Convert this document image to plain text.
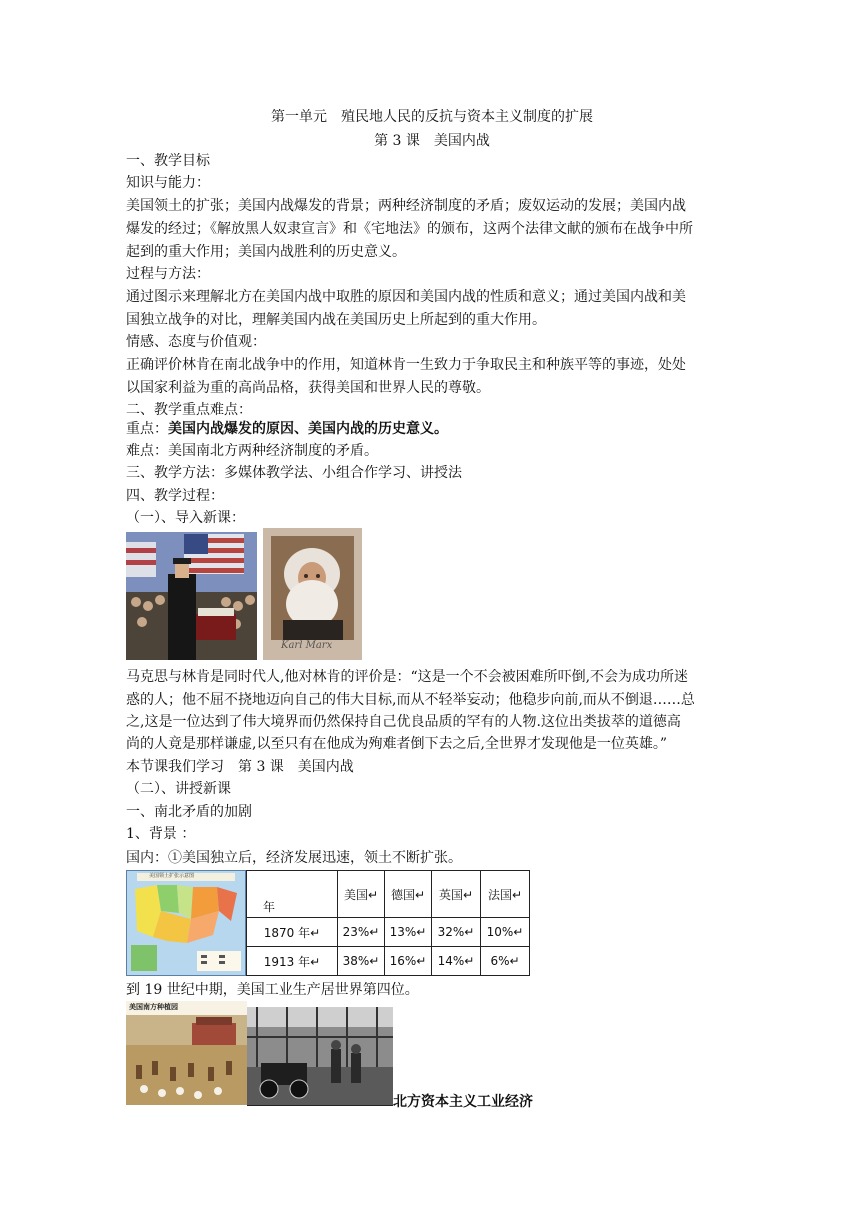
第一单元　殖民地人民的反抗与资本主义制度的扩展
第 3 课　美国内战
一、教学目标
知识与能力：
美国领土的扩张；美国内战爆发的背景；两种经济制度的矛盾；废奴运动的发展；美国内战
爆发的经过；《解放黑人奴隶宣言》和《宅地法》的颁布，这两个法律文献的颁布在战争中所
起到的重大作用；美国内战胜利的历史意义。
过程与方法：
通过图示来理解北方在美国内战中取胜的原因和美国内战的性质和意义；通过美国内战和美
国独立战争的对比，理解美国内战在美国历史上所起到的重大作用。
情感、态度与价值观：
正确评价林肯在南北战争中的作用，知道林肯一生致力于争取民主和种族平等的事迹，处处
以国家利益为重的高尚品格，获得美国和世界人民的尊敬。
二、教学重点难点：
重点：美国内战爆发的原因、美国内战的历史意义。
难点：美国南北方两种经济制度的矛盾。
三、教学方法：多媒体教学法、小组合作学习、讲授法
四、教学过程：
（一）、导入新课：
Karl Marx
马克思与林肯是同时代人,他对林肯的评价是：“这是一个不会被困难所吓倒,不会为成功所迷
惑的人；他不屈不挠地迈向自己的伟大目标,而从不轻举妄动；他稳步向前,而从不倒退……总
之,这是一位达到了伟大境界而仍然保持自己优良品质的罕有的人物.这位出类拔萃的道德高
尚的人竟是那样谦虚,以至只有在他成为殉难者倒下去之后,全世界才发现他是一位英雄。”
本节课我们学习　第 3 课　美国内战
（二）、讲授新课
一、南北矛盾的加剧
1、背景 ：
国内：①美国独立后，经济发展迅速，领土不断扩张。
美国领土扩张示意图
年	美国↵	德国↵	英国↵	法国↵
1870 年↵	23%↵	13%↵	32%↵	10%↵
1913 年↵	38%↵	16%↵	14%↵	6%↵
到 19 世纪中期，美国工业生产居世界第四位。
美国南方种植园
北方资本主义工业经济
